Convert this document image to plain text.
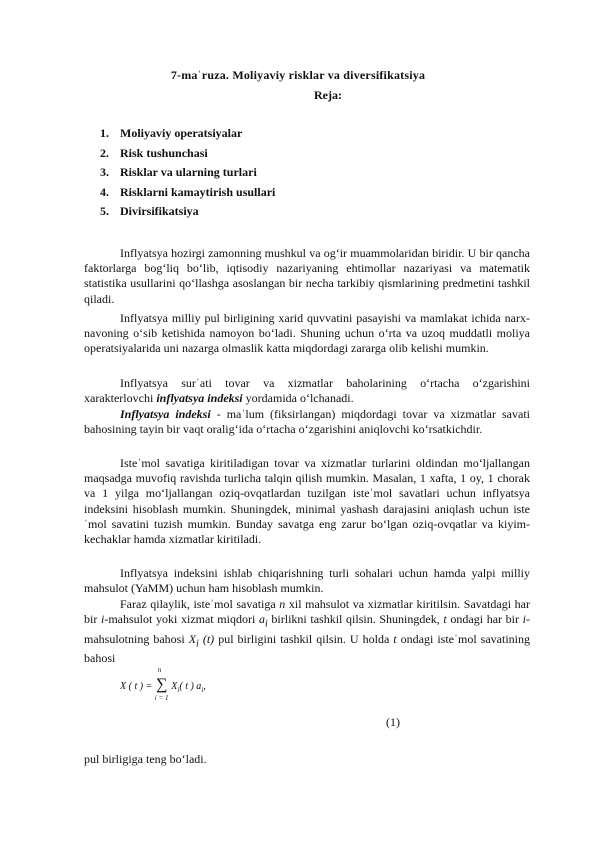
7-maˈruza. Moliyaviy risklar va diversifikatsiya
Reja:
1. Moliyaviy operatsiyalar
2. Risk tushunchasi
3. Risklar va ularning turlari
4. Risklarni kamaytirish usullari
5. Divirsifikatsiya

Inflyatsya hozirgi zamonning mushkul va ogʻir muammolaridan biridir. U bir qancha faktorlarga bogʻliq boʻlib, iqtisodiy nazariyaning ehtimollar nazariyasi va matematik statistika usullarini qoʻllashga asoslangan bir necha tarkibiy qismlarining predmetini tashkil qiladi.

Inflyatsya milliy pul birligining xarid quvvatini pasayishi va mamlakat ichida narx-navoning oʻsib ketishida namoyon boʻladi. Shuning uchun oʻrta va uzoq muddatli moliya operatsiyalarida uni nazarga olmaslik katta miqdordagi zararga olib kelishi mumkin.

Inflyatsya surˈati tovar va xizmatlar baholarining oʻrtacha oʻzgarishini xarakterlovchi inflyatsya indeksi yordamida oʻlchanadi.

Inflyatsya indeksi - maˈlum (fiksirlangan) miqdordagi tovar va xizmatlar savati bahosining tayin bir vaqt oraligʻida oʻrtacha oʻzgarishini aniqlovchi koʻrsatkichdir.

Isteˈmol savatiga kiritiladigan tovar va xizmatlar turlarini oldindan moʻljallangan maqsadga muvofiq ravishda turlicha talqin qilish mumkin. Masalan, 1 xafta, 1 oy, 1 chorak va 1 yilga moʻljallangan oziq-ovqatlardan tuzilgan isteˈmol savatlari uchun inflyatsya indeksini hisoblash mumkin. Shuningdek, minimal yashash darajasini aniqlash uchun isteˈmol savatini tuzish mumkin. Bunday savatga eng zarur boʻlgan oziq-ovqatlar va kiyim-kechaklar hamda xizmatlar kiritiladi.

Inflyatsya indeksini ishlab chiqarishning turli sohalari uchun hamda yalpi milliy mahsulot (YaMM) uchun ham hisoblash mumkin.

Faraz qilaylik, isteˈmol savatiga n xil mahsulot va xizmatlar kiritilsin. Savatdagi har bir i-mahsulot yoki xizmat miqdori $a_i$ birlikni tashkil qilsin. Shuningdek, t ondagi har bir i- mahsulotning bahosi $X_i$ (t) pul birligini tashkil qilsin. U holda t ondagi isteˈmol savatining bahosi

X ( t ) = ∑
n
i = 1
$X_i$( t ) $a_i$,
(1)
pul birligiga teng boʻladi.
